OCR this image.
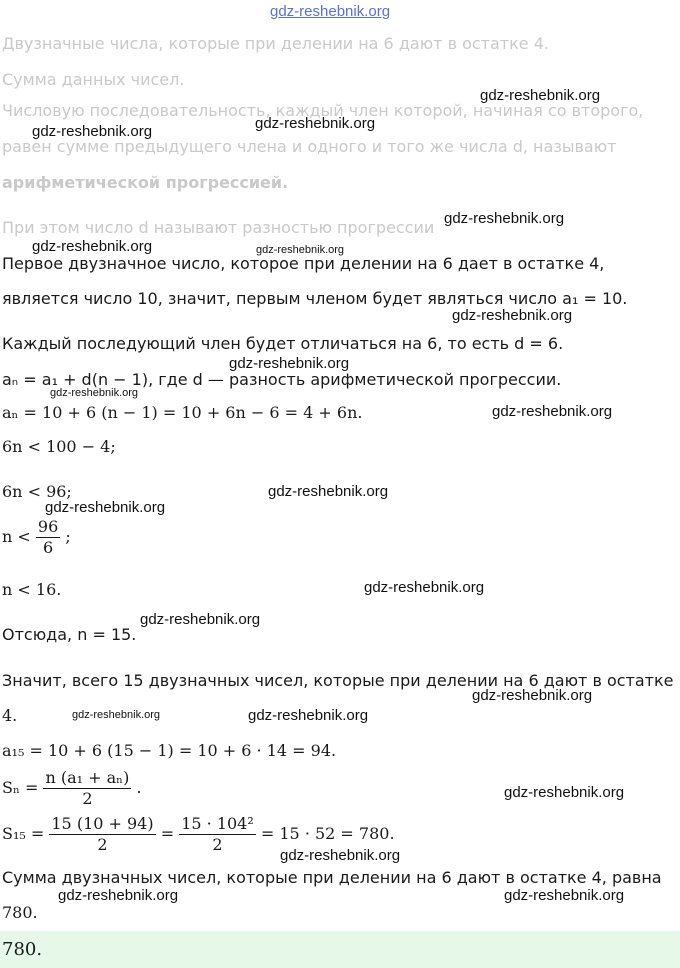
gdz-reshebnik.org
Двузначные числа, которые при делении на 6 дают в остатке 4.
Сумма данных чисел.
Числовую последовательность, каждый член которой, начиная со второго,
равен сумме предыдущего члена и одного и того же числа d, называют
арифметической прогрессией.
При этом число d называют разностью прогрессии
Первое двузначное число, которое при делении на 6 дает в остатке 4,
является число 10, значит, первым членом будет являться число a₁ = 10.
Каждый последующий член будет отличаться на 6, то есть d = 6.
aₙ = a₁ + d(n − 1), где d — разность арифметической прогрессии.
aₙ = 10 + 6 (n − 1) = 10 + 6n − 6 = 4 + 6n.
6n < 100 − 4;
6n < 96;
$n < \frac{96}{6}$ ;
n < 16.
Отсюда, n = 15.
Значит, всего 15 двузначных чисел, которые при делении на 6 дают в остатке
4.
a₁₅ = 10 + 6 (15 − 1) = 10 + 6 · 14 = 94.
$S_n = \frac{\text{n (a₁ + aₙ)}}{2}$ .
$S_{15} = \frac{15 (10 + 94)}{2} = \frac{\text{15 · 104²}}{2} = 15 \cdot 52 = 780$.
Сумма двузначных чисел, которые при делении на 6 дают в остатке 4, равна
780.
780.
gdz-reshebnik.org
gdz-reshebnik.org
gdz-reshebnik.org
gdz-reshebnik.org
gdz-reshebnik.org	gdz-reshebnik.org
gdz-reshebnik.org
gdz-reshebnik.org
gdz-reshebnik.org
gdz-reshebnik.org
gdz-reshebnik.org
gdz-reshebnik.org
gdz-reshebnik.org
gdz-reshebnik.org
gdz-reshebnik.org
gdz-reshebnik.org	gdz-reshebnik.org
gdz-reshebnik.org
gdz-reshebnik.org
gdz-reshebnik.org	gdz-reshebnik.org
